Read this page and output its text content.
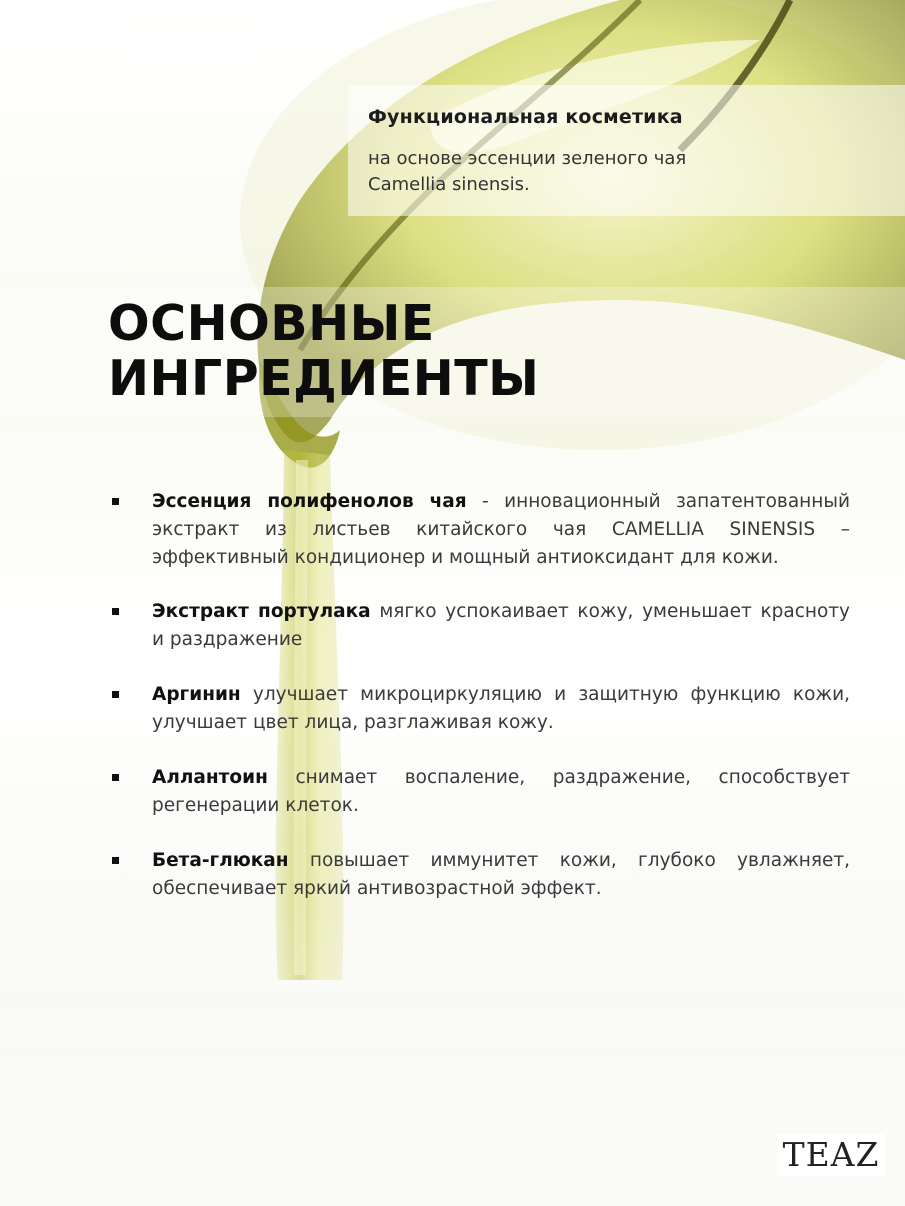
Функциональная косметика
на основе эссенции зеленого чая
Camellia sinensis.
ОСНОВНЫЕ
ИНГРЕДИЕНТЫ
Эссенция полифенолов чая - инновационный запатентованный экстракт из листьев китайского чая CAMELLIA SINENSIS – эффективный кондиционер и мощный антиоксидант для кожи.
Экстракт портулака мягко успокаивает кожу, уменьшает красноту и раздражение
Аргинин улучшает микроциркуляцию и защитную функцию кожи, улучшает цвет лица, разглаживая кожу.
Аллантоин снимает воспаление, раздражение, способствует регенерации клеток.
Бета-глюкан повышает иммунитет кожи, глубоко увлажняет, обеспечивает яркий антивозрастной эффект.
TEAZ
